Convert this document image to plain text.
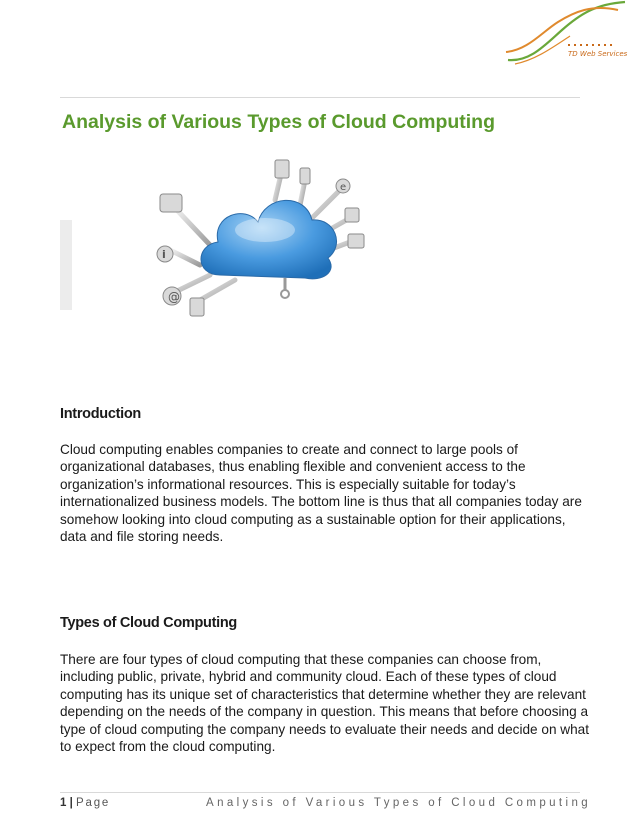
TD Web Services
Analysis of Various Types of Cloud Computing
@
i
e
Introduction

Cloud computing enables companies to create and connect to large pools of organizational databases, thus enabling flexible and convenient access to the organization’s informational resources. This is especially suitable for today’s internationalized business models. The bottom line is thus that all companies today are somehow looking into cloud computing as a sustainable option for their applications, data and file storing needs.

Types of Cloud Computing

There are four types of cloud computing that these companies can choose from, including public, private, hybrid and community cloud. Each of these types of cloud computing has its unique set of characteristics that determine whether they are relevant depending on the needs of the company in question. This means that before choosing a type of cloud computing the company needs to evaluate their needs and decide on what to expect from the cloud computing.

1 | Page	Analysis of Various Types of Cloud Computing
